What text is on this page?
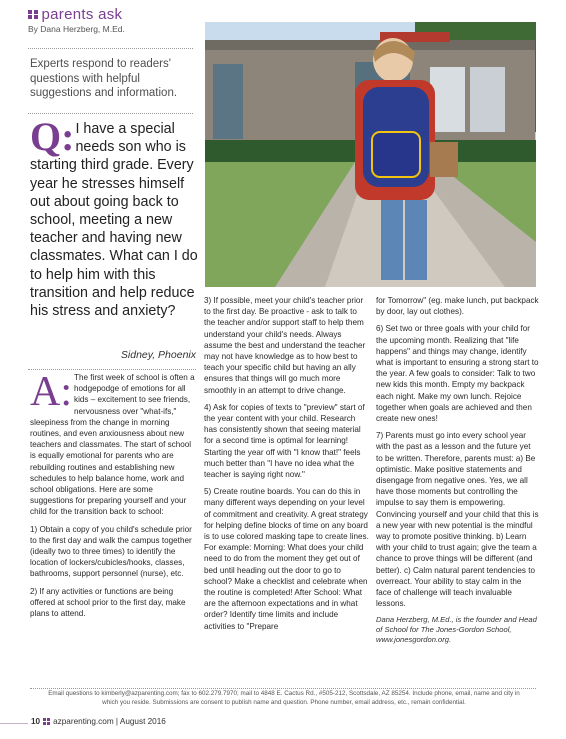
parents ask
By Dana Herzberg, M.Ed.
Experts respond to readers' questions with helpful suggestions and information.
Q: I have a special needs son who is starting third grade. Every year he stresses himself out about going back to school, meeting a new teacher and having new classmates. What can I do to help him with this transition and help reduce his stress and anxiety?
Sidney, Phoenix

A: The first week of school is often a hodgepodge of emotions for all kids – excitement to see friends, nervousness over "what-ifs," sleepiness from the change in morning routines, and even anxiousness about new teachers and classmates. The start of school is equally emotional for parents who are rebuilding routines and establishing new schedules to help balance home, work and school obligations. Here are some suggestions for preparing yourself and your child for the transition back to school:

1) Obtain a copy of you child's schedule prior to the first day and walk the campus together (ideally two to three times) to identify the location of lockers/cubicles/hooks, classes, bathrooms, support personnel (nurse), etc.

2) If any activities or functions are being offered at school prior to the first day, make plans to attend.

3) If possible, meet your child's teacher prior to the first day. Be proactive - ask to talk to the teacher and/or support staff to help them understand your child's needs. Always assume the best and understand the teacher may not have knowledge as to how best to teach your specific child but having an ally ensures that things will go much more smoothly in an attempt to drive change.

4) Ask for copies of texts to "preview" start of the year content with your child. Research has consistently shown that seeing material for a second time is optimal for learning! Starting the year off with "I know that!" feels much better than "I have no idea what the teacher is saying right now."

5) Create routine boards. You can do this in many different ways depending on your level of commitment and creativity. A great strategy for helping define blocks of time on any board is to use colored masking tape to create lines. For example: Morning: What does your child need to do from the moment they get out of bed until heading out the door to go to school? Make a checklist and celebrate when the routine is completed! After School: What are the afternoon expectations and in what order? Identify time limits and include activities to "Prepare

for Tomorrow" (eg. make lunch, put backpack by door, lay out clothes).

6) Set two or three goals with your child for the upcoming month. Realizing that "life happens" and things may change, identify what is important to ensuring a strong start to the year. A few goals to consider: Talk to two new kids this month. Empty my backpack each night. Make my own lunch. Rejoice together when goals are achieved and then create new ones!

7) Parents must go into every school year with the past as a lesson and the future yet to be written. Therefore, parents must: a) Be optimistic. Make positive statements and disengage from negative ones. Yes, we all have those moments but controlling the impulse to say them is empowering. Convincing yourself and your child that this is a new year with new potential is the mindful way to promote positive thinking. b) Learn with your child to trust again; give the team a chance to prove things will be different (and better). c) Calm natural parent tendencies to overreact. Your ability to stay calm in the face of challenge will teach invaluable lessons.

Dana Herzberg, M.Ed., is the founder and Head of School for The Jones-Gordon School, www.jonesgordon.org.
Email questions to kimberly@azparenting.com; fax to 602.279.7970; mail to 4848 E. Cactus Rd., #505-212, Scottsdale, AZ 85254. Include phone, email, name and city in which you reside. Submissions are consent to publish name and question. Phone number, email address, etc., remain confidential.
10 azparenting.com | August 2016
